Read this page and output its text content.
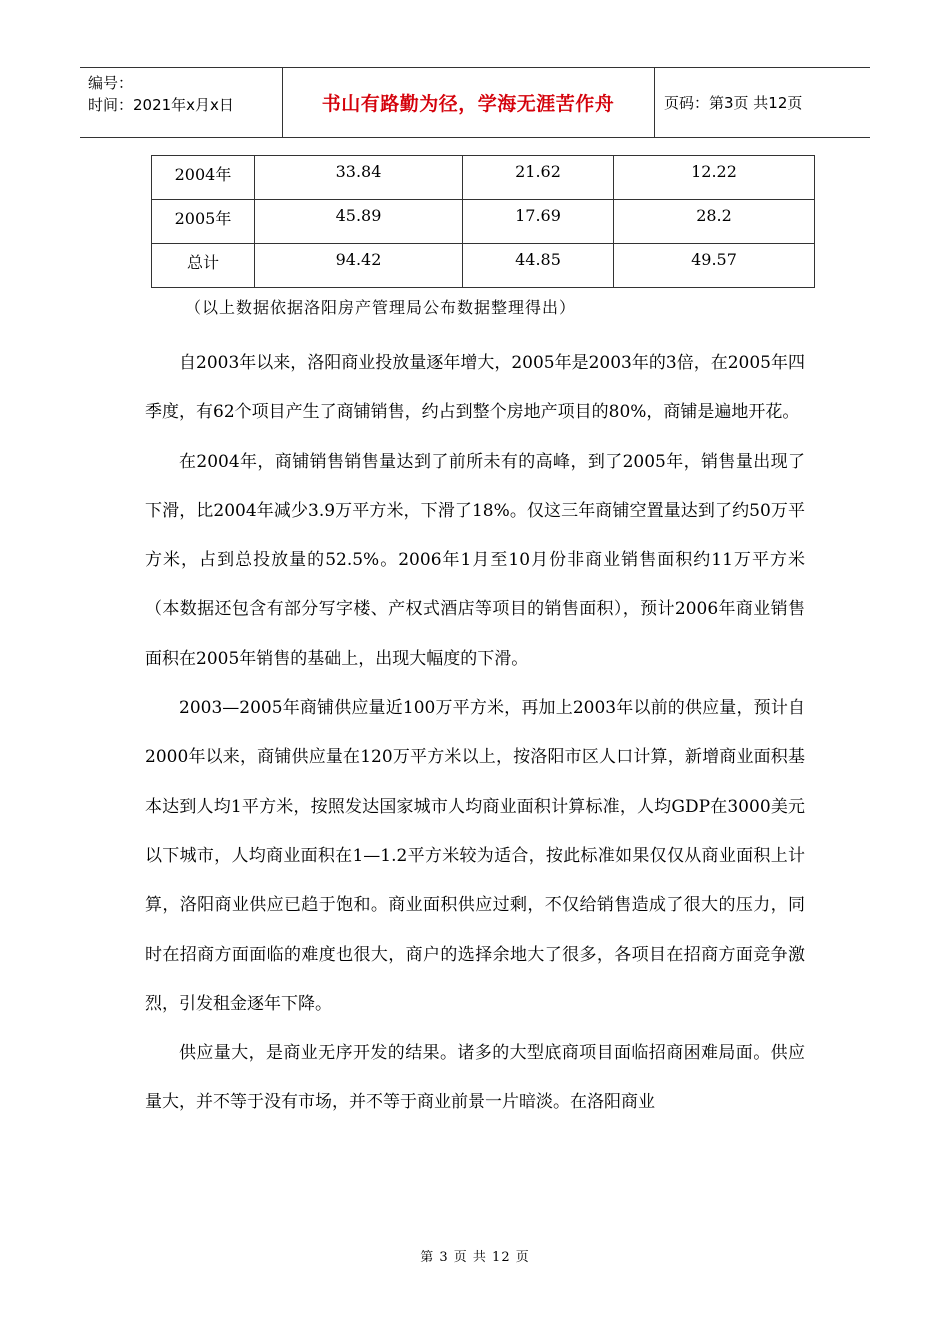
编号：
时间：2021年x月x日	书山有路勤为径，学海无涯苦作舟	页码：第3页 共12页
2004年	33.84	21.62	12.22
2005年	45.89	17.69	28.2
总计	94.42	44.85	49.57
（以上数据依据洛阳房产管理局公布数据整理得出）

自2003年以来，洛阳商业投放量逐年增大，2005年是2003年的3倍，在2005年四季度，有62个项目产生了商铺销售，约占到整个房地产项目的80%，商铺是遍地开花。

在2004年，商铺销售销售量达到了前所未有的高峰，到了2005年，销售量出现了下滑，比2004年减少3.9万平方米，下滑了18%。仅这三年商铺空置量达到了约50万平方米，占到总投放量的52.5%。2006年1月至10月份非商业销售面积约11万平方米（本数据还包含有部分写字楼、产权式酒店等项目的销售面积），预计2006年商业销售面积在2005年销售的基础上，出现大幅度的下滑。

2003—2005年商铺供应量近100万平方米，再加上2003年以前的供应量，预计自2000年以来，商铺供应量在120万平方米以上，按洛阳市区人口计算，新增商业面积基本达到人均1平方米，按照发达国家城市人均商业面积计算标准，人均GDP在3000美元以下城市，人均商业面积在1—1.2平方米较为适合，按此标准如果仅仅从商业面积上计算，洛阳商业供应已趋于饱和。商业面积供应过剩，不仅给销售造成了很大的压力，同时在招商方面面临的难度也很大，商户的选择余地大了很多，各项目在招商方面竞争激烈，引发租金逐年下降。

供应量大，是商业无序开发的结果。诸多的大型底商项目面临招商困难局面。供应量大，并不等于没有市场，并不等于商业前景一片暗淡。在洛阳商业

第 3 页 共 12 页
